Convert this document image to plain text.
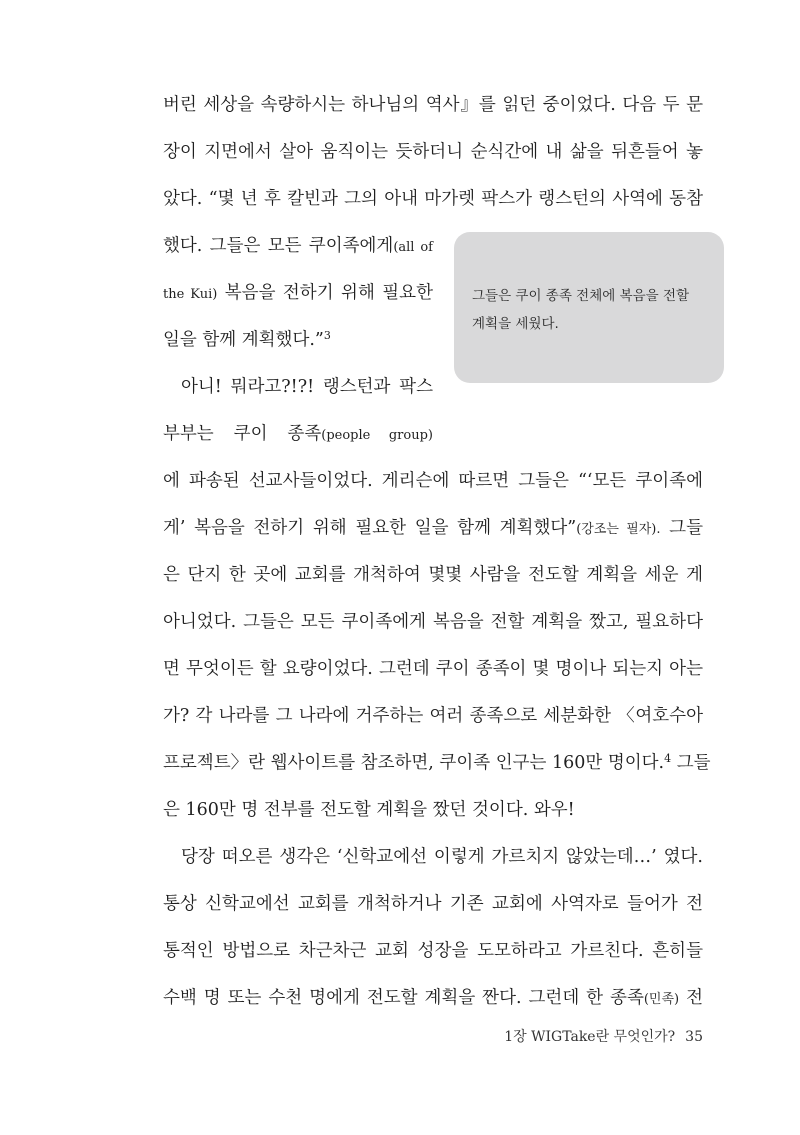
버린 세상을 속량하시는 하나님의 역사』를 읽던 중이었다. 다음 두 문
장이 지면에서 살아 움직이는 듯하더니 순식간에 내 삶을 뒤흔들어 놓
았다. “몇 년 후 칼빈과 그의 아내 마가렛 팍스가 랭스턴의 사역에 동참
했다. 그들은 모든 쿠이족에게(all of
the Kui) 복음을 전하기 위해 필요한
일을 함께 계획했다.”$^3$
아니! 뭐라고?!?! 랭스턴과 팍스
부부는 쿠이 종족(people group)
에 파송된 선교사들이었다. 게리슨에 따르면 그들은 “‘모든 쿠이족에
게’ 복음을 전하기 위해 필요한 일을 함께 계획했다”(강조는 필자). 그들
은 단지 한 곳에 교회를 개척하여 몇몇 사람을 전도할 계획을 세운 게
아니었다. 그들은 모든 쿠이족에게 복음을 전할 계획을 짰고, 필요하다
면 무엇이든 할 요량이었다. 그런데 쿠이 종족이 몇 명이나 되는지 아는
가? 각 나라를 그 나라에 거주하는 여러 종족으로 세분화한 〈여호수아
프로젝트〉란 웹사이트를 참조하면, 쿠이족 인구는 160만 명이다.$^4$ 그들
은 160만 명 전부를 전도할 계획을 짰던 것이다. 와우!
당장 떠오른 생각은 ‘신학교에선 이렇게 가르치지 않았는데…’ 였다.
통상 신학교에선 교회를 개척하거나 기존 교회에 사역자로 들어가 전
통적인 방법으로 차근차근 교회 성장을 도모하라고 가르친다. 흔히들
수백 명 또는 수천 명에게 전도할 계획을 짠다. 그런데 한 종족(민족) 전
그들은 쿠이 종족 전체에 복음을 전할
계획을 세웠다.
1장 WIGTake란 무엇인가? 35
